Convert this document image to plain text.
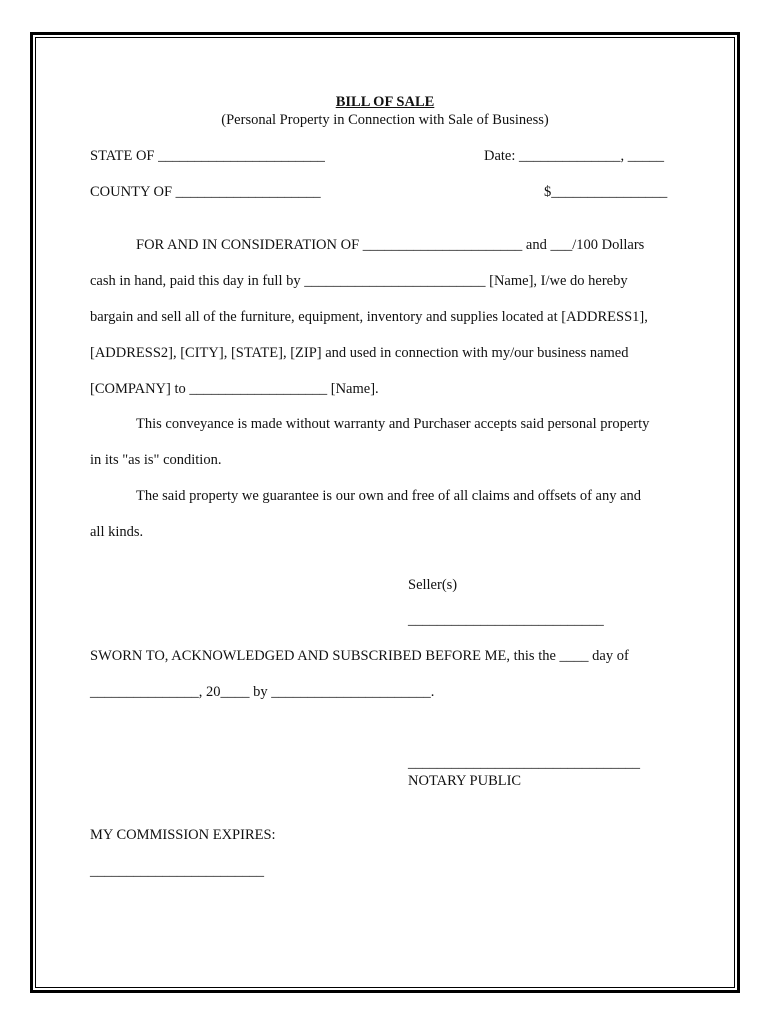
BILL OF SALE
(Personal Property in Connection with Sale of Business)
STATE OF _______________________	Date: ______________, _____
COUNTY OF ____________________	$________________
FOR AND IN CONSIDERATION OF ______________________ and ___/100 Dollars
cash in hand, paid this day in full by _________________________ [Name], I/we do hereby
bargain and sell all of the furniture, equipment, inventory and supplies located at [ADDRESS1],
[ADDRESS2], [CITY], [STATE], [ZIP] and used in connection with my/our business named
[COMPANY] to ___________________ [Name].
This conveyance is made without warranty and Purchaser accepts said personal property
in its "as is" condition.
The said property we guarantee is our own and free of all claims and offsets of any and
all kinds.
Seller(s)
___________________________
SWORN TO, ACKNOWLEDGED AND SUBSCRIBED BEFORE ME, this the ____ day of
_______________, 20____ by ______________________.
________________________________
NOTARY PUBLIC
MY COMMISSION EXPIRES:
________________________
